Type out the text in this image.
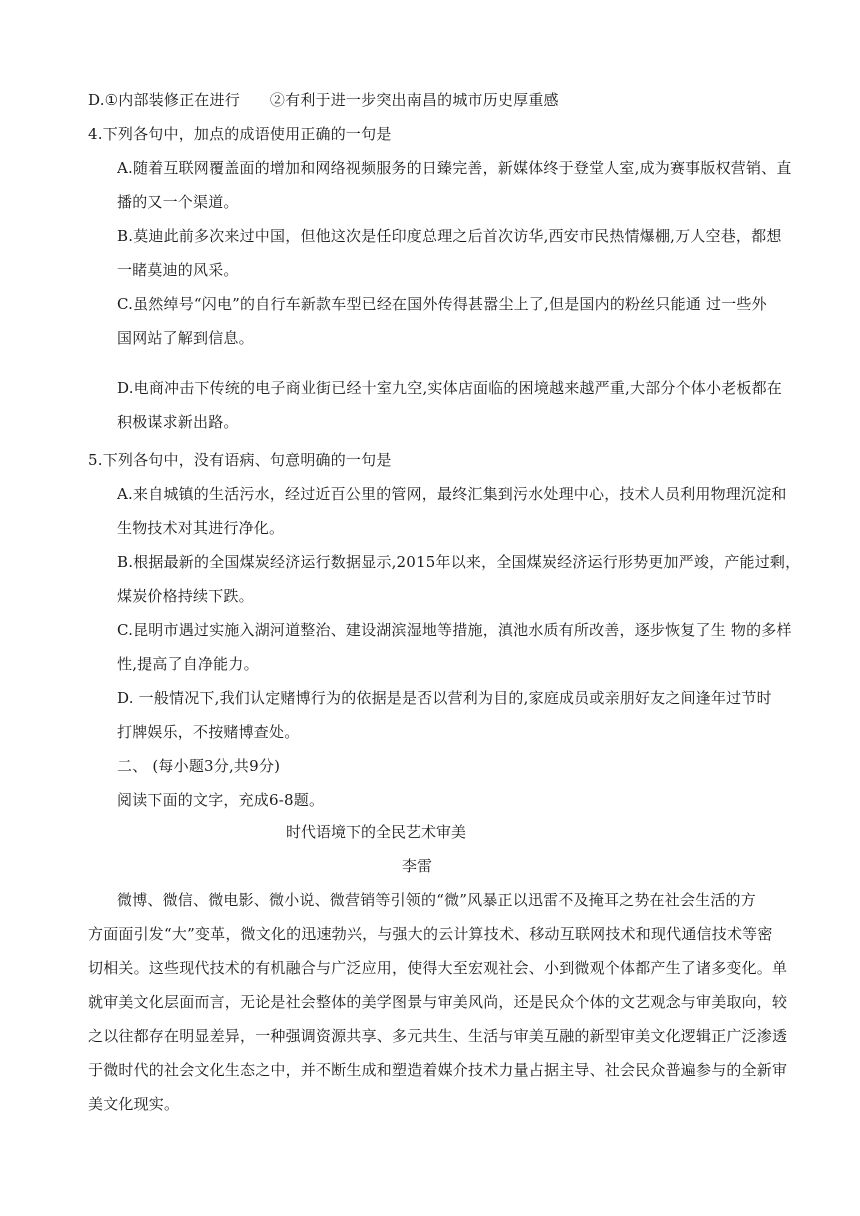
D.①内部装修正在进行 ②有利于进一步突出南昌的城市历史厚重感
4.下列各句中，加点的成语使用正确的一句是
A.随着互联网覆盖面的增加和网络视频服务的日臻完善，新媒体终于登堂人室,成为赛事版权营销、直
播的又一个渠道。
B.莫迪此前多次来过中国，但他这次是任印度总理之后首次访华,西安市民热情爆棚,万人空巷，都想
一睹莫迪的风采。
C.虽然绰号“闪电”的自行车新款车型已经在国外传得甚嚣尘上了,但是国内的粉丝只能通 过一些外
国网站了解到信息。
D.电商冲击下传统的电子商业街已经十室九空,实体店面临的困境越来越严重,大部分个体小老板都在
积极谋求新出路。
5.下列各句中，没有语病、句意明确的一句是
A.来自城镇的生活污水，经过近百公里的管网，最终汇集到污水处理中心，技术人员利用物理沉淀和
生物技术对其进行净化。
B.根据最新的全国煤炭经济运行数据显示,2015年以来，全国煤炭经济运行形势更加严竣，产能过剩，
煤炭价格持续下跌。
C.昆明市遇过实施入湖河道整治、建设湖滨湿地等措施，滇池水质有所改善，逐步恢复了生 物的多样
性,提高了自净能力。
D. 一般情况下,我们认定赌博行为的依据是是否以营利为目的,家庭成员或亲朋好友之间逢年过节时
打牌娱乐，不按赌博查处。
二、 (每小题3分,共9分)
阅读下面的文字，充成6-8题。
时代语境下的全民艺术审美
李雷
微博、微信、微电影、微小说、微营销等引领的“微”风暴正以迅雷不及掩耳之势在社会生活的方
方面面引发“大”变革，微文化的迅速勃兴，与强大的云计算技术、移动互联网技术和现代通信技术等密
切相关。这些现代技术的有机融合与广泛应用，使得大至宏观社会、小到微观个体都产生了诸多变化。单
就审美文化层面而言，无论是社会整体的美学图景与审美风尚，还是民众个体的文艺观念与审美取向，较
之以往都存在明显差异，一种强调资源共享、多元共生、生活与审美互融的新型审美文化逻辑正广泛渗透
于微时代的社会文化生态之中，并不断生成和塑造着媒介技术力量占据主导、社会民众普遍参与的全新审
美文化现实。
